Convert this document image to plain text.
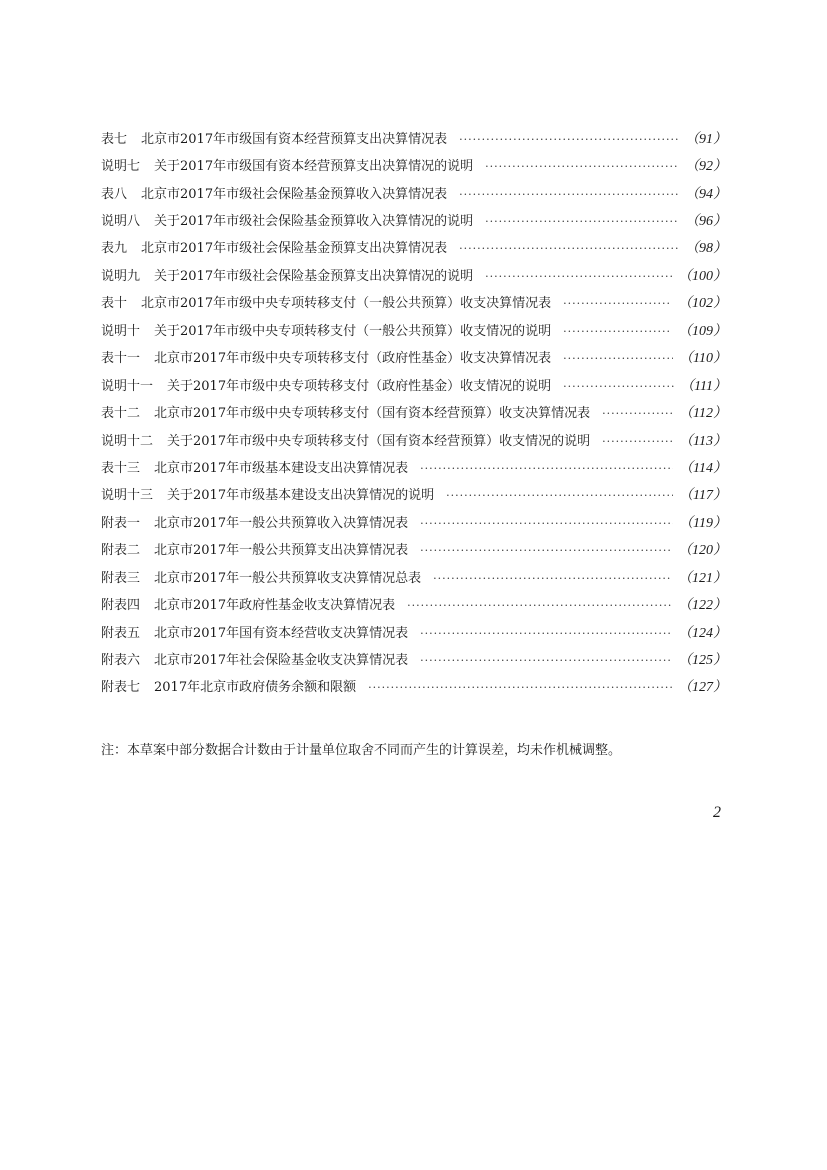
表七 北京市2017年市级国有资本经营预算支出决算情况表 ·····	（91）
说明七 关于2017年市级国有资本经营预算支出决算情况的说明 ·····	（92）
表八 北京市2017年市级社会保险基金预算收入决算情况表 ·····	（94）
说明八 关于2017年市级社会保险基金预算收入决算情况的说明 ·····	（96）
表九 北京市2017年市级社会保险基金预算支出决算情况表 ·····	（98）
说明九 关于2017年市级社会保险基金预算支出决算情况的说明 ·····	（100）
表十 北京市2017年市级中央专项转移支付（一般公共预算）收支决算情况表 ·····	（102）
说明十 关于2017年市级中央专项转移支付（一般公共预算）收支情况的说明 ·····	（109）
表十一 北京市2017年市级中央专项转移支付（政府性基金）收支决算情况表 ·····	（110）
说明十一 关于2017年市级中央专项转移支付（政府性基金）收支情况的说明 ·····	（111）
表十二 北京市2017年市级中央专项转移支付（国有资本经营预算）收支决算情况表 ·····	（112）
说明十二 关于2017年市级中央专项转移支付（国有资本经营预算）收支情况的说明 ·····	（113）
表十三 北京市2017年市级基本建设支出决算情况表 ·····	（114）
说明十三 关于2017年市级基本建设支出决算情况的说明 ·····	（117）
附表一 北京市2017年一般公共预算收入决算情况表 ·····	（119）
附表二 北京市2017年一般公共预算支出决算情况表 ·····	（120）
附表三 北京市2017年一般公共预算收支决算情况总表 ·····	（121）
附表四 北京市2017年政府性基金收支决算情况表 ·····	（122）
附表五 北京市2017年国有资本经营收支决算情况表 ·····	（124）
附表六 北京市2017年社会保险基金收支决算情况表 ·····	（125）
附表七 2017年北京市政府债务余额和限额 ·····	（127）
注：本草案中部分数据合计数由于计量单位取舍不同而产生的计算误差，均未作机械调整。
2
